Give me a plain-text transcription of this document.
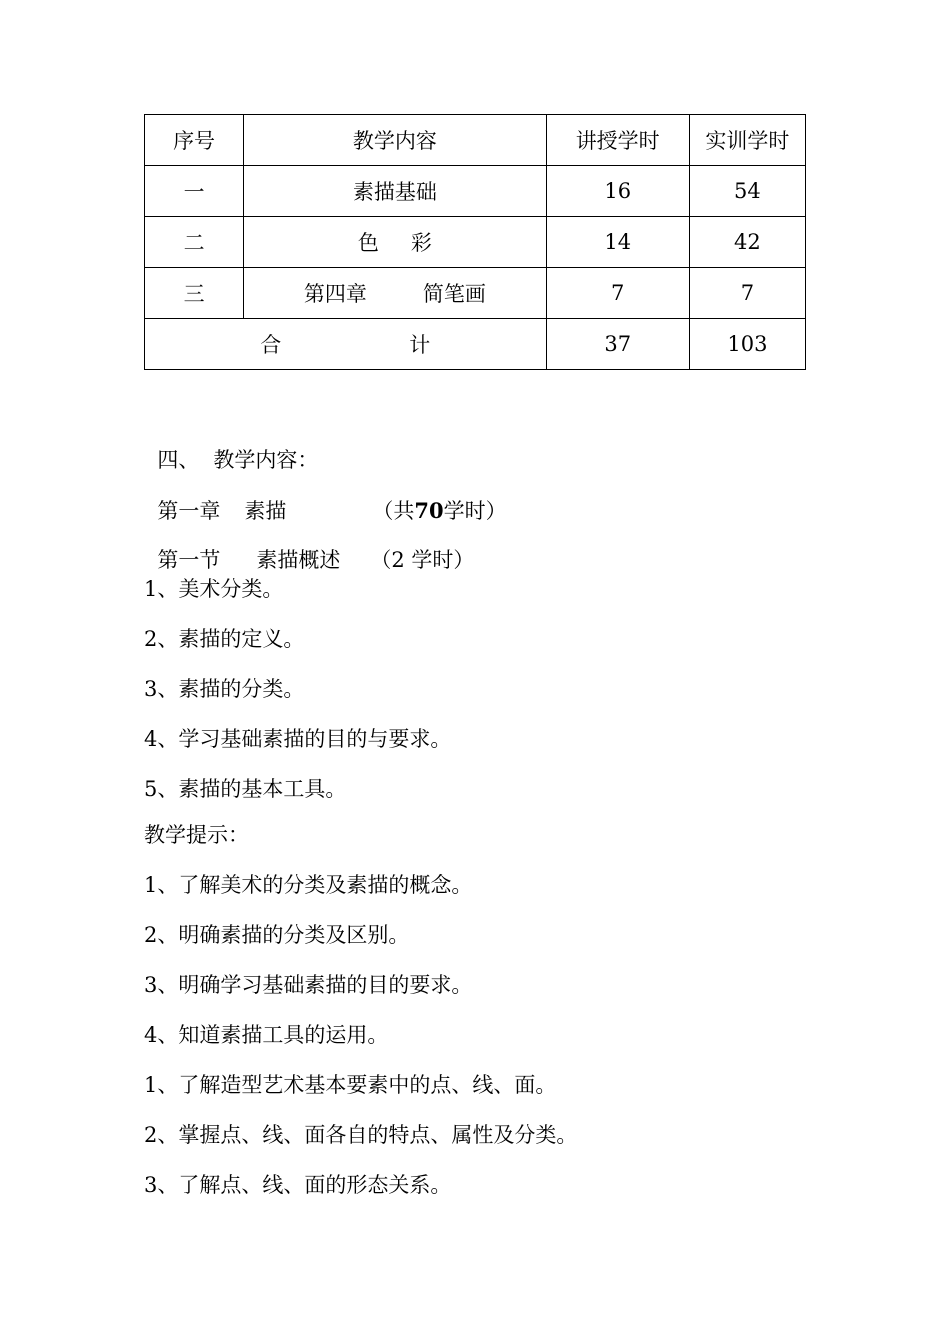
序号	教学内容	讲授学时	实训学时
一	素描基础	16	54
二	色 彩	14	42
三	第四章 简笔画	7	7
合 计		37	103

四、 教学内容：

第一章 素描	（共70学时）

第一节 素描概述 （2 学时）

1、美术分类。
2、素描的定义。
3、素描的分类。
4、学习基础素描的目的与要求。
5、素描的基本工具。
教学提示：
1、了解美术的分类及素描的概念。
2、明确素描的分类及区别。
3、明确学习基础素描的目的要求。
4、知道素描工具的运用。
1、了解造型艺术基本要素中的点、线、面。
2、掌握点、线、面各自的特点、属性及分类。
3、了解点、线、面的形态关系。
